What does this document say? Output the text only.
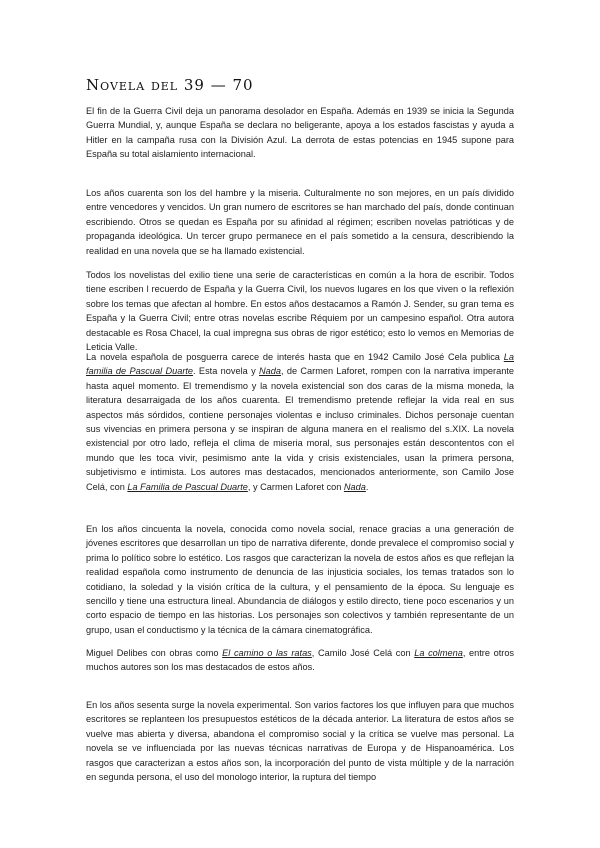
Novela del 39 — 70

El fin de la Guerra Civil deja un panorama desolador en España. Además en 1939 se inicia la Segunda Guerra Mundial, y, aunque España se declara no beligerante, apoya a los estados fascistas y ayuda a Hitler en la campaña rusa con la División Azul. La derrota de estas potencias en 1945 supone para España su total aislamiento internacional.

Los años cuarenta son los del hambre y la miseria. Culturalmente no son mejores, en un país dividido entre vencedores y vencidos. Un gran numero de escritores se han marchado del país, donde continuan escribiendo. Otros se quedan es España por su afinidad al régimen; escriben novelas patrióticas y de propaganda ideológica. Un tercer grupo permanece en el país sometido a la censura, describiendo la realidad en una novela que se ha llamado existencial.

Todos los novelistas del exilio tiene una serie de características en común a la hora de escribir. Todos tiene escriben l recuerdo de España y la Guerra Civil, los nuevos lugares en los que viven o la reflexión sobre los temas que afectan al hombre. En estos años destacamos a Ramón J. Sender, su gran tema es España y la Guerra Civil; entre otras novelas escribe Réquiem por un campesino español. Otra autora destacable es Rosa Chacel, la cual impregna sus obras de rigor estético; esto lo vemos en Memorias de Leticia Valle.

La novela española de posguerra carece de interés hasta que en 1942 Camilo José Cela publica La familia de Pascual Duarte. Esta novela y Nada, de Carmen Laforet, rompen con la narrativa imperante hasta aquel momento. El tremendismo y la novela existencial son dos caras de la misma moneda, la literatura desarraigada de los años cuarenta. El tremendismo pretende reflejar la vida real en sus aspectos más sórdidos, contiene personajes violentas e incluso criminales. Dichos personaje cuentan sus vivencias en primera persona y se inspiran de alguna manera en el realismo del s.XIX. La novela existencial por otro lado, refleja el clima de miseria moral, sus personajes están descontentos con el mundo que les toca vivir, pesimismo ante la vida y crisis existenciales, usan la primera persona, subjetivismo e intimista. Los autores mas destacados, mencionados anteriormente, son Camilo Jose Celá, con La Familia de Pascual Duarte, y Carmen Laforet con Nada.

En los años cincuenta la novela, conocida como novela social, renace gracias a una generación de jóvenes escritores que desarrollan un tipo de narrativa diferente, donde prevalece el compromiso social y prima lo político sobre lo estético. Los rasgos que caracterizan la novela de estos años es que reflejan la realidad española como instrumento de denuncia de las injusticia sociales, los temas tratados son lo cotidiano, la soledad y la visión crítica de la cultura, y el pensamiento de la época. Su lenguaje es sencillo y tiene una estructura lineal. Abundancia de diálogos y estilo directo, tiene poco escenarios y un corto espacio de tiempo en las historias. Los personajes son colectivos y también representante de un grupo, usan el conductismo y la técnica de la cámara cinematográfica.

Miguel Delibes con obras como El camino o las ratas, Camilo José Celá con La colmena, entre otros muchos autores son los mas destacados de estos años.

En los años sesenta surge la novela experimental. Son varios factores los que influyen para que muchos escritores se replanteen los presupuestos estéticos de la década anterior. La literatura de estos años se vuelve mas abierta y diversa, abandona el compromiso social y la crítica se vuelve mas personal. La novela se ve influenciada por las nuevas técnicas narrativas de Europa y de Hispanoamérica. Los rasgos que caracterizan a estos años son, la incorporación del punto de vista múltiple y de la narración en segunda persona, el uso del monologo interior, la ruptura del tiempo
